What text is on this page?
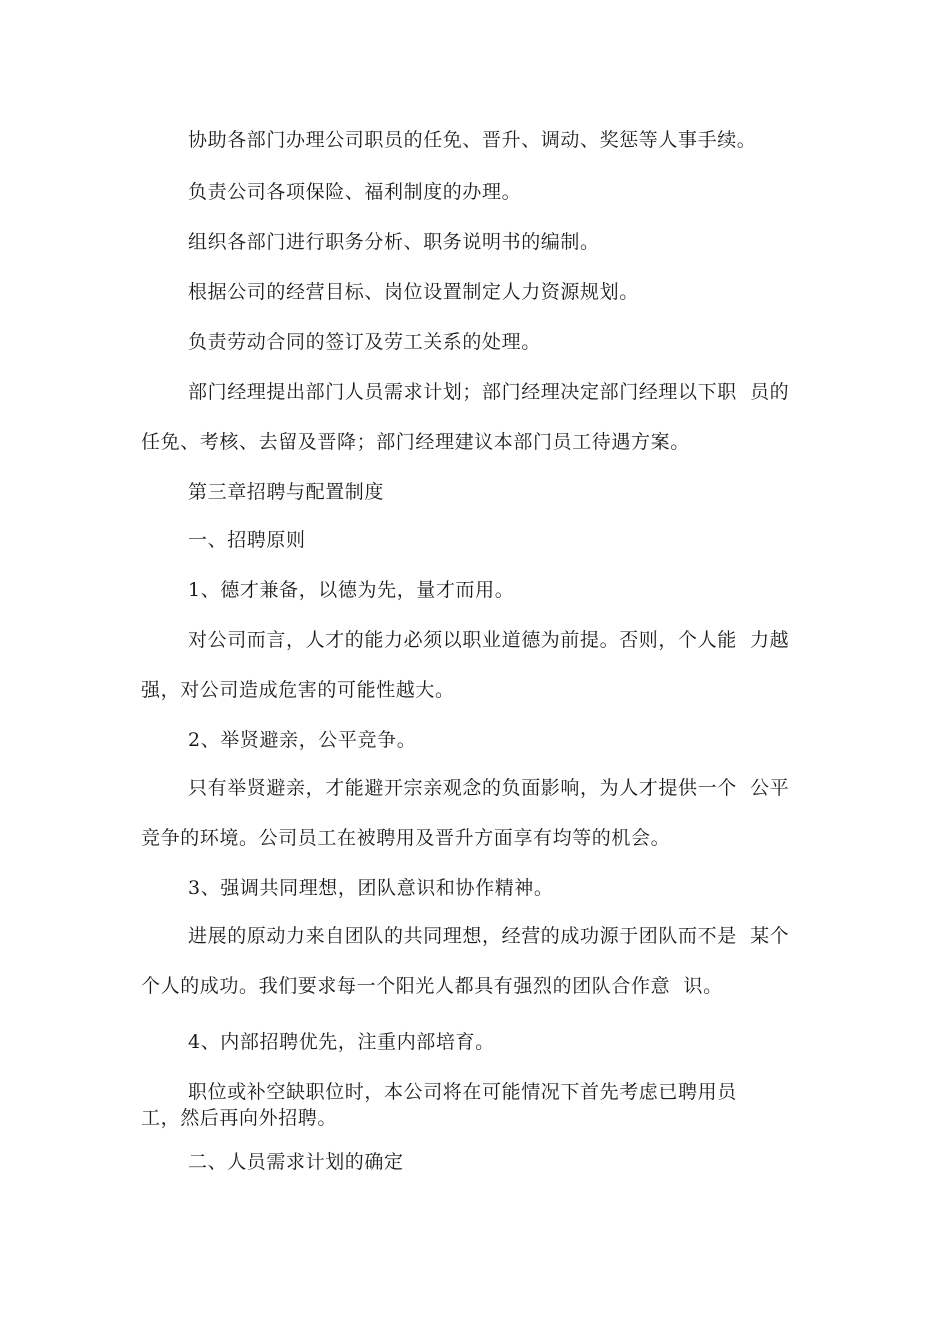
协助各部门办理公司职员的任免、晋升、调动、奖惩等人事手续。
负责公司各项保险、福利制度的办理。
组织各部门进行职务分析、职务说明书的编制。
根据公司的经营目标、岗位设置制定人力资源规划。
负责劳动合同的签订及劳工关系的处理。
部门经理提出部门人员需求计划；部门经理决定部门经理以下职  员的
任免、考核、去留及晋降；部门经理建议本部门员工待遇方案。
第三章招聘与配置制度
一、招聘原则
1、德才兼备，以德为先，量才而用。
对公司而言，人才的能力必须以职业道德为前提。否则，个人能  力越
强，对公司造成危害的可能性越大。
2、举贤避亲，公平竞争。
只有举贤避亲，才能避开宗亲观念的负面影响，为人才提供一个  公平
竞争的环境。公司员工在被聘用及晋升方面享有均等的机会。
3、强调共同理想，团队意识和协作精神。
进展的原动力来自团队的共同理想，经营的成功源于团队而不是  某个
个人的成功。我们要求每一个阳光人都具有强烈的团队合作意  识。
4、内部招聘优先，注重内部培育。
职位或补空缺职位时，本公司将在可能情况下首先考虑已聘用员
工，然后再向外招聘。
二、人员需求计划的确定
